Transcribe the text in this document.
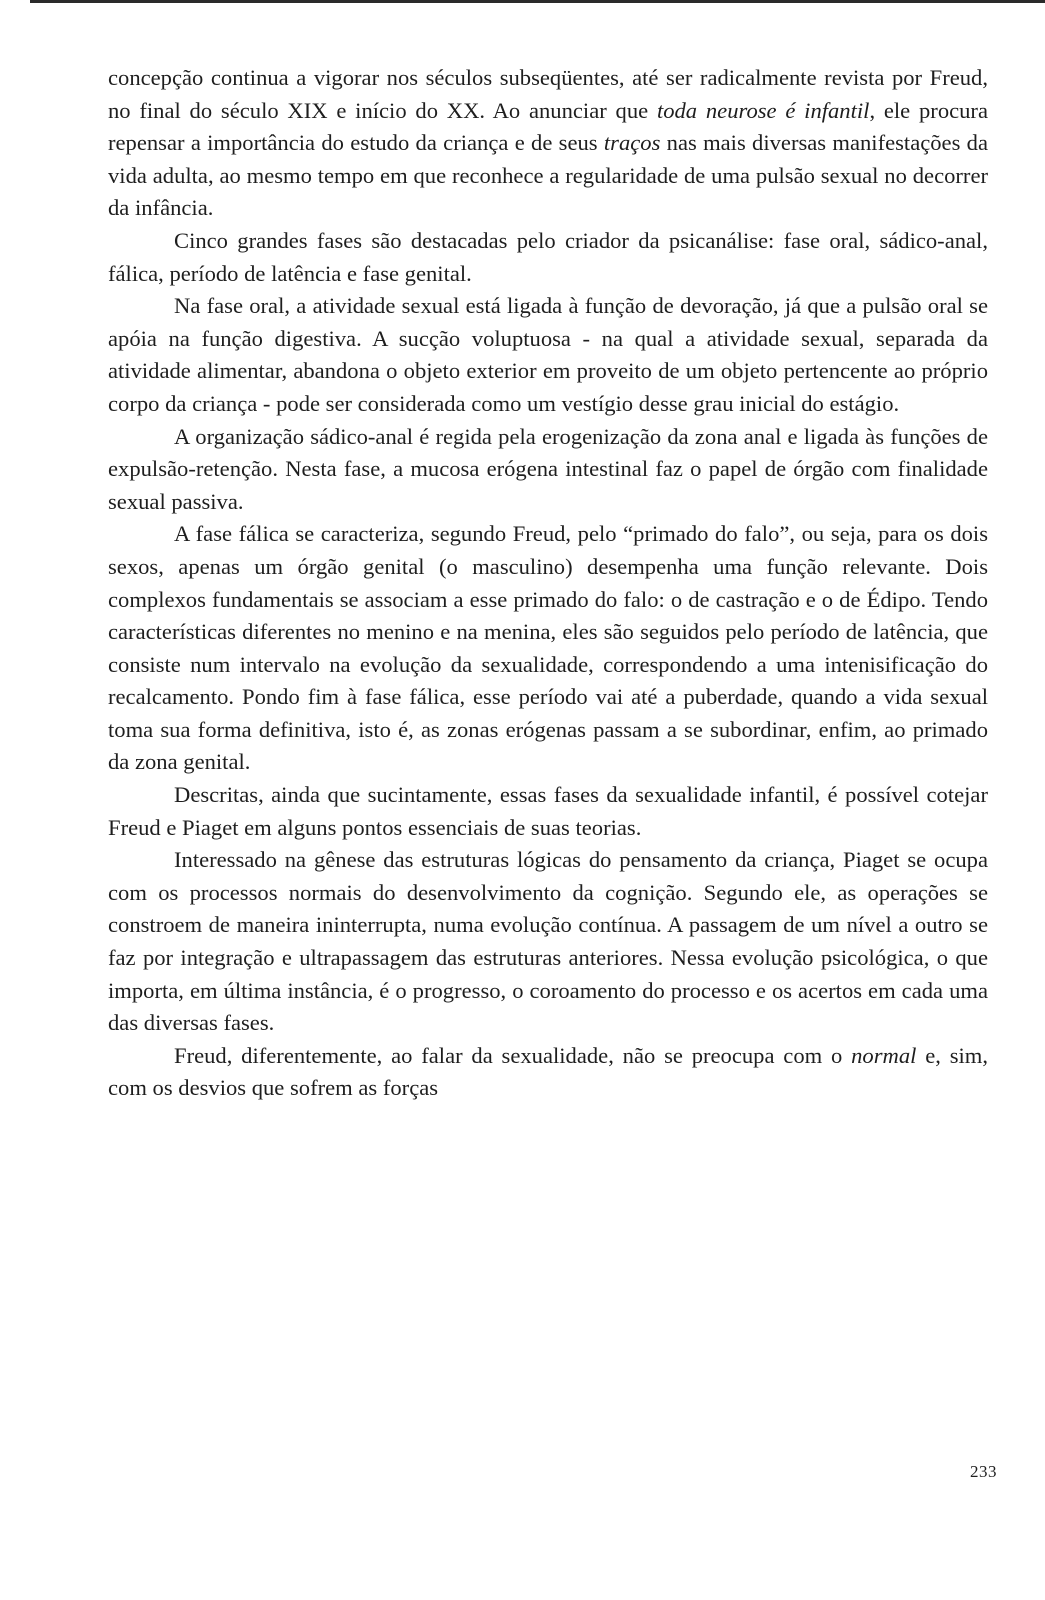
concepção continua a vigorar nos séculos subseqüentes, até ser radicalmente revista por Freud, no final do século XIX e início do XX. Ao anunciar que toda neurose é infantil, ele procura repensar a importância do estudo da criança e de seus traços nas mais diversas manifestações da vida adulta, ao mesmo tempo em que reconhece a regularidade de uma pulsão sexual no decorrer da infância.

Cinco grandes fases são destacadas pelo criador da psicanálise: fase oral, sádico-anal, fálica, período de latência e fase genital.

Na fase oral, a atividade sexual está ligada à função de devoração, já que a pulsão oral se apóia na função digestiva. A sucção voluptuosa - na qual a atividade sexual, separada da atividade alimentar, abandona o objeto exterior em proveito de um objeto pertencente ao próprio corpo da criança - pode ser considerada como um vestígio desse grau inicial do estágio.

A organização sádico-anal é regida pela erogenização da zona anal e ligada às funções de expulsão-retenção. Nesta fase, a mucosa erógena intestinal faz o papel de órgão com finalidade sexual passiva.

A fase fálica se caracteriza, segundo Freud, pelo “primado do falo”, ou seja, para os dois sexos, apenas um órgão genital (o masculino) desempenha uma função relevante. Dois complexos fundamentais se associam a esse primado do falo: o de castração e o de Édipo. Tendo características diferentes no menino e na menina, eles são seguidos pelo período de latência, que consiste num intervalo na evolução da sexualidade, correspondendo a uma intenisificação do recalcamento. Pondo fim à fase fálica, esse período vai até a puberdade, quando a vida sexual toma sua forma definitiva, isto é, as zonas erógenas passam a se subordinar, enfim, ao primado da zona genital.

Descritas, ainda que sucintamente, essas fases da sexualidade infantil, é possível cotejar Freud e Piaget em alguns pontos essenciais de suas teorias.

Interessado na gênese das estruturas lógicas do pensamento da criança, Piaget se ocupa com os processos normais do desenvolvimento da cognição. Segundo ele, as operações se constroem de maneira ininterrupta, numa evolução contínua. A passagem de um nível a outro se faz por integração e ultrapassagem das estruturas anteriores. Nessa evolução psicológica, o que importa, em última instância, é o progresso, o coroamento do processo e os acertos em cada uma das diversas fases.

Freud, diferentemente, ao falar da sexualidade, não se preocupa com o normal e, sim, com os desvios que sofrem as forças

233
